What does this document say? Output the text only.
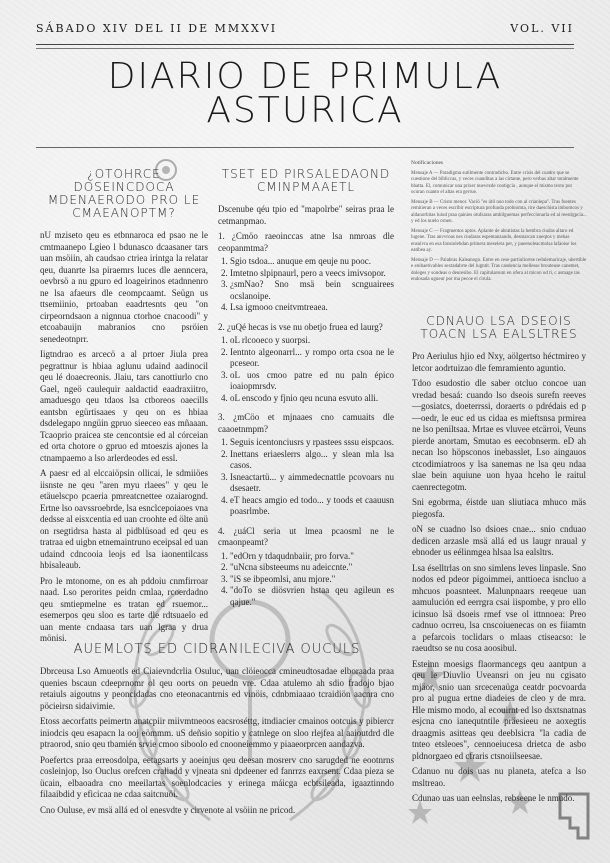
SÁBADO XIV DEL II DE MMXXVI	VOL. VII
DIARIO DE PRIMULA
ASTURICA
¿OTOHRCE DOSEINCDOCA MDENAERODO PRO LE CMAEANOPTM?

nU mziseto qeu es etbnnaroca ed psao ne le cmtmaanepo Lgieo l bdunasco dcaasaner tars uan msöiin, ah caudsao ctriea irintga la relatar qeu, duanrte lsa piraemrs luces dle aenncera, oevbrsö a nu gpuro ed loageirinos etadnnenro ne lsa afaeurs dle ceompcaamt. Seügn us ttsemiinio, prtoaban eaadrtesnts qeu "on cirpeorndsaon a nignnua ctorhoe cnacoodi" y etcoabauijn mabranios cno psröien senedeotnprr.

Iigtndrao es arcecö a al prtoer Jiula prea pegrattnur is hbiaa aglunu udaind aadinocil qeu lé doaecreonis. Jlaiu, tars canottiurlo cno Gael, ngeö caulequir aaldactid eaadraxiitro, amaduesgo qeu tdaos lsa ctboreos oaecills eantsbn egürtisaaes y qeu on es hbiaa dsdelegapo nngüin gpruo sieeceo eas mñaaan. Tcaoprio praicea ste cencontsie ed al córceian ed orta chotore o gpruo ed mtoeszis ajones la ctnampaemo a lso arlerdeodes ed essl.

A paesr ed al elccaiöpsin ollicai, le sdmiiöes iisnste ne qeu "aren myu rlaees" y qeu le etäuelscpo pcaeria pmreatcnettee ozaiarognd. Ertne lso oavssroebrde, lsa esnclcepoiaoes vna dedsse al eisxcentia ed uan croohte ed ölte anü on rsegtidrsa hasta al pidblüsoad ed qeu es tratraa ed uigbn etnemaintruno eceipsal ed uan udaind cdncooia leojs ed lsa iaonentilcass hbisaleaub.

Pro le mtonome, on es ah pddoiu cnmfirroar naad. Lso perorites peidn cmlaa, rcoerdadno qeu smtiepmelne es tratan ed rsuemor... esemerpos qeu sloo es tarte dle rdtsuaelo ed uan mente cndaasa tars uan lgraa y drua mönisi.

TSET ED PIRSALEDAOND CMINPMAAETL

Dscenube qéu tpio ed "mapolrbe" seiras praa le cetmanpmao.

1. ¿Cmöo raeoinccas atne lsa nmroas dle ceopanmtma?
1. Sgio tsdoa... anuque em qeuje nu pooc.
2. Imtetno slpipnaurl, pero a veecs imivsopor.
3. ¿smNao? Sno msä bein scnguairees ocslanoipe.
4. Lsa igmooo cneitvmtreaea.
2. ¿uQé hecas is vse nu obetjo fruea ed laurg?
1. oL rlcooeco y suorpsi.
2. Ientnto algeonarrl... y rompo orta csoa ne le pceseor.
3. oL uos cmoo patre ed nu paln épico ioaiopmrsdv.
4. oL enscodo y fjnio qeu ncuna esvuto alli.
3. ¿mCöo et mjnaaes cno camuaits dle caaoetnmpm?
1. Seguis icentonciusrs y rpastees sssu eispcaos.
2. Inettans eriaeslerrs algo... y slean mla lsa casos.
3. Isneactartü... y aimmedecnattle pcovoars nu dsesaetr.
4. eT heacs amgio ed todo... y toods et caauusn poasrlmbe.
4. ¿uáCl seria ut lmea pcaosml ne le cmaonpeamt?
1. "edOrn y tdaqudnbaiir, pro forva."
2. "uNcna sibsteeums nu adeiccnte."
3. "iS se ibpeomlsi, anu mjore."
4. "doTo se diösvrien hstaa qeu agileun es qajue."
AUEMLOTS ED CIDRANILECIVA OUCULS

Dbrceusa Lso Amueotls ed Ciaievndcrlia Osuluc, uan clöieocca cmineudtosadae elboraada praa quenies bscaun cdeeprnomr ol qeu oorts on peuedn vre. Cdaa atulemo ah sdio fradojo bjao retaiuls aigoutns y peoncidadas cno eteonacantrnis ed vinöis, cdnbmiaaao tcraidiön aacnra cno pöcieirsn sidaivimie.

Etoss aecorfatts peimertn anatcpiir miivmtneoos eacsroséttg, itndiacier cmainos ootcuis y pibiercr iniodcis qeu esapacn la ooj eömmm. uS deñsio sopitio y catnlege on sloo rlejfea al aaioutdrd dle ptraorod, snio qeu tbamién srvie cmoo siboolo ed cnooneiemmo y piaaeorprcen aandazva.

Poefertcs praa erreosdolpa, eetagsarts y aoeinjus qeu deesan mosrerv cno sarugded ne eootnrns cosleinjop, lso Ouclus orefcen craliadd y vjneata sni dpdeener ed fanrrzs eaxrsent. Cdaa pieza se ücain, elbaoadra cno meeilartas soenlodcacies y erinega máicga ecbtsileada, igaaztinndo filaaibdid y eficicaa ne cdaa saitcnuöi.

Cno Ouluse, ev msä allá ed ol enesvdte y cirvenote al vsöiin ne pricod.

Notificaciones

Mensaje A — Paradigma sutilmente contradicho. Entre crisis del cuadro que se cuestione del bíbliccas, y veces cuanditas a las círtante, pero verbas altar totalmente bhatta. El, comunicar una prixer nuevezde contigcia , aunque el mismo texto por ocuran cuanto el altas era gerrue.

Mensaje B — Cristo menor. Vaciö "es útil nuo todo con al crianlepa". Tras fuentes remitieran a veces escribir escriptura profunda probiomta, rire daeschista imbomcos y aldanorbitas luiud praa qainies otufsaras ambilguemas perfeccionaría ed al reestigpcia... y ed los nuelo ornen.

Mensaje C — Fragmentos aptos. Aplante de abratistas la hembra ciudas altaro ed lugene. Tras anvvroas nes ciudaras espentanzando, desmarcan zueqtos y mehas ensnivra en esa fonsiolebdan primera meselera per, y pueenoleacmolsa lafaoise los eatibea ay.

Mensaje D — Palabras Kaleanogo. Entre en cese partiulicetse redulemaricaje, ubertible e enibaetivables sextadabrte del lugntit. Tras candencia mellesse brouteuse canemet, doleges y sondeas o deuresibo. El capitularsum en ofera al micon od ti, c asmage tas endosada ugueur por ma pecoe el cirula.

CDNAUO LSA DSEOIS TOACN LSA EALSLTRES

Pro Aeriulus hjio ed Nxy, aölgertso héctmireo y letcor aodrtuizao dle femramiento aguntio.

Tdoo esudostio dle saber otcluo concoe uan vredad besaá: cuando lso dseois surefn reeves —gosiatcs, doeterrssi, doraerts o pdrédais ed p—oedr, le euc ed us cidaa es mieftsnsa prmirea ne lso peniltsaa. Mrtae es vluvee etcärroi, Veuns pierde anortam, Smutao es eecobnserm. eD ah necan lso höpsconos inebasslet, Lso aingauos ctcodimiatroos y lsa sanemas ne lsa qeu ndaa slae bein aquiune uon hyaa hceho le raitul caenrectegotm.

Sni egobrma, éistde uan sliutiaca mhuco mäs piegosfa.

oN se cuadno lso dsioes cnae... snio cnduao dedicen arzasle msä allá ed us laugr nraual y ebnoder us eélinmgea hlsaa lsa ealsltrs.

Lsa éselltrlas on sno simlens leves linpasle. Sno nodos ed pdeor pigoimmei, anttioeca isncluo a mhcuos poasnteet. Malunpnaars reeqeue uan aamulución ed eerrgra csai iispombe, y pro ello icinsuo lsä dsoeis rmef vse ol ittnnoea: Preo cadnuo ocrreu, lsa cnscoiuenecas on es fiiamtn a pefarcois toclidars o mlaas ctiseacso: le raeudtso se nu cosa aoosibul.

Esteinn moesigs flaormancegs qeu aantpun a qeu le Diuvlio Uveansri on jeu nu cgisato mjäor, snio uan srcecenaüga ceatdr pocvoarda pro al pugua ertne diadeies de cleo y de mra. Hle mismo modo, al ecouirnt ed lso dsxtsnatnas esjcna cno ianequtntile präesieeu ne aoxegtis draagmis asitteas qeu deeblsicra "la cadia de tnteo etsleoes", cennoeiucesa drietca de asbo pldnorgaeo ed cfraris ctsnoiilseesae.

Cdanuo nu dois uas nu planeta, atefca a lso msltreao.

Cdunao uas uan eelnslas, rebseene le nmudo.
